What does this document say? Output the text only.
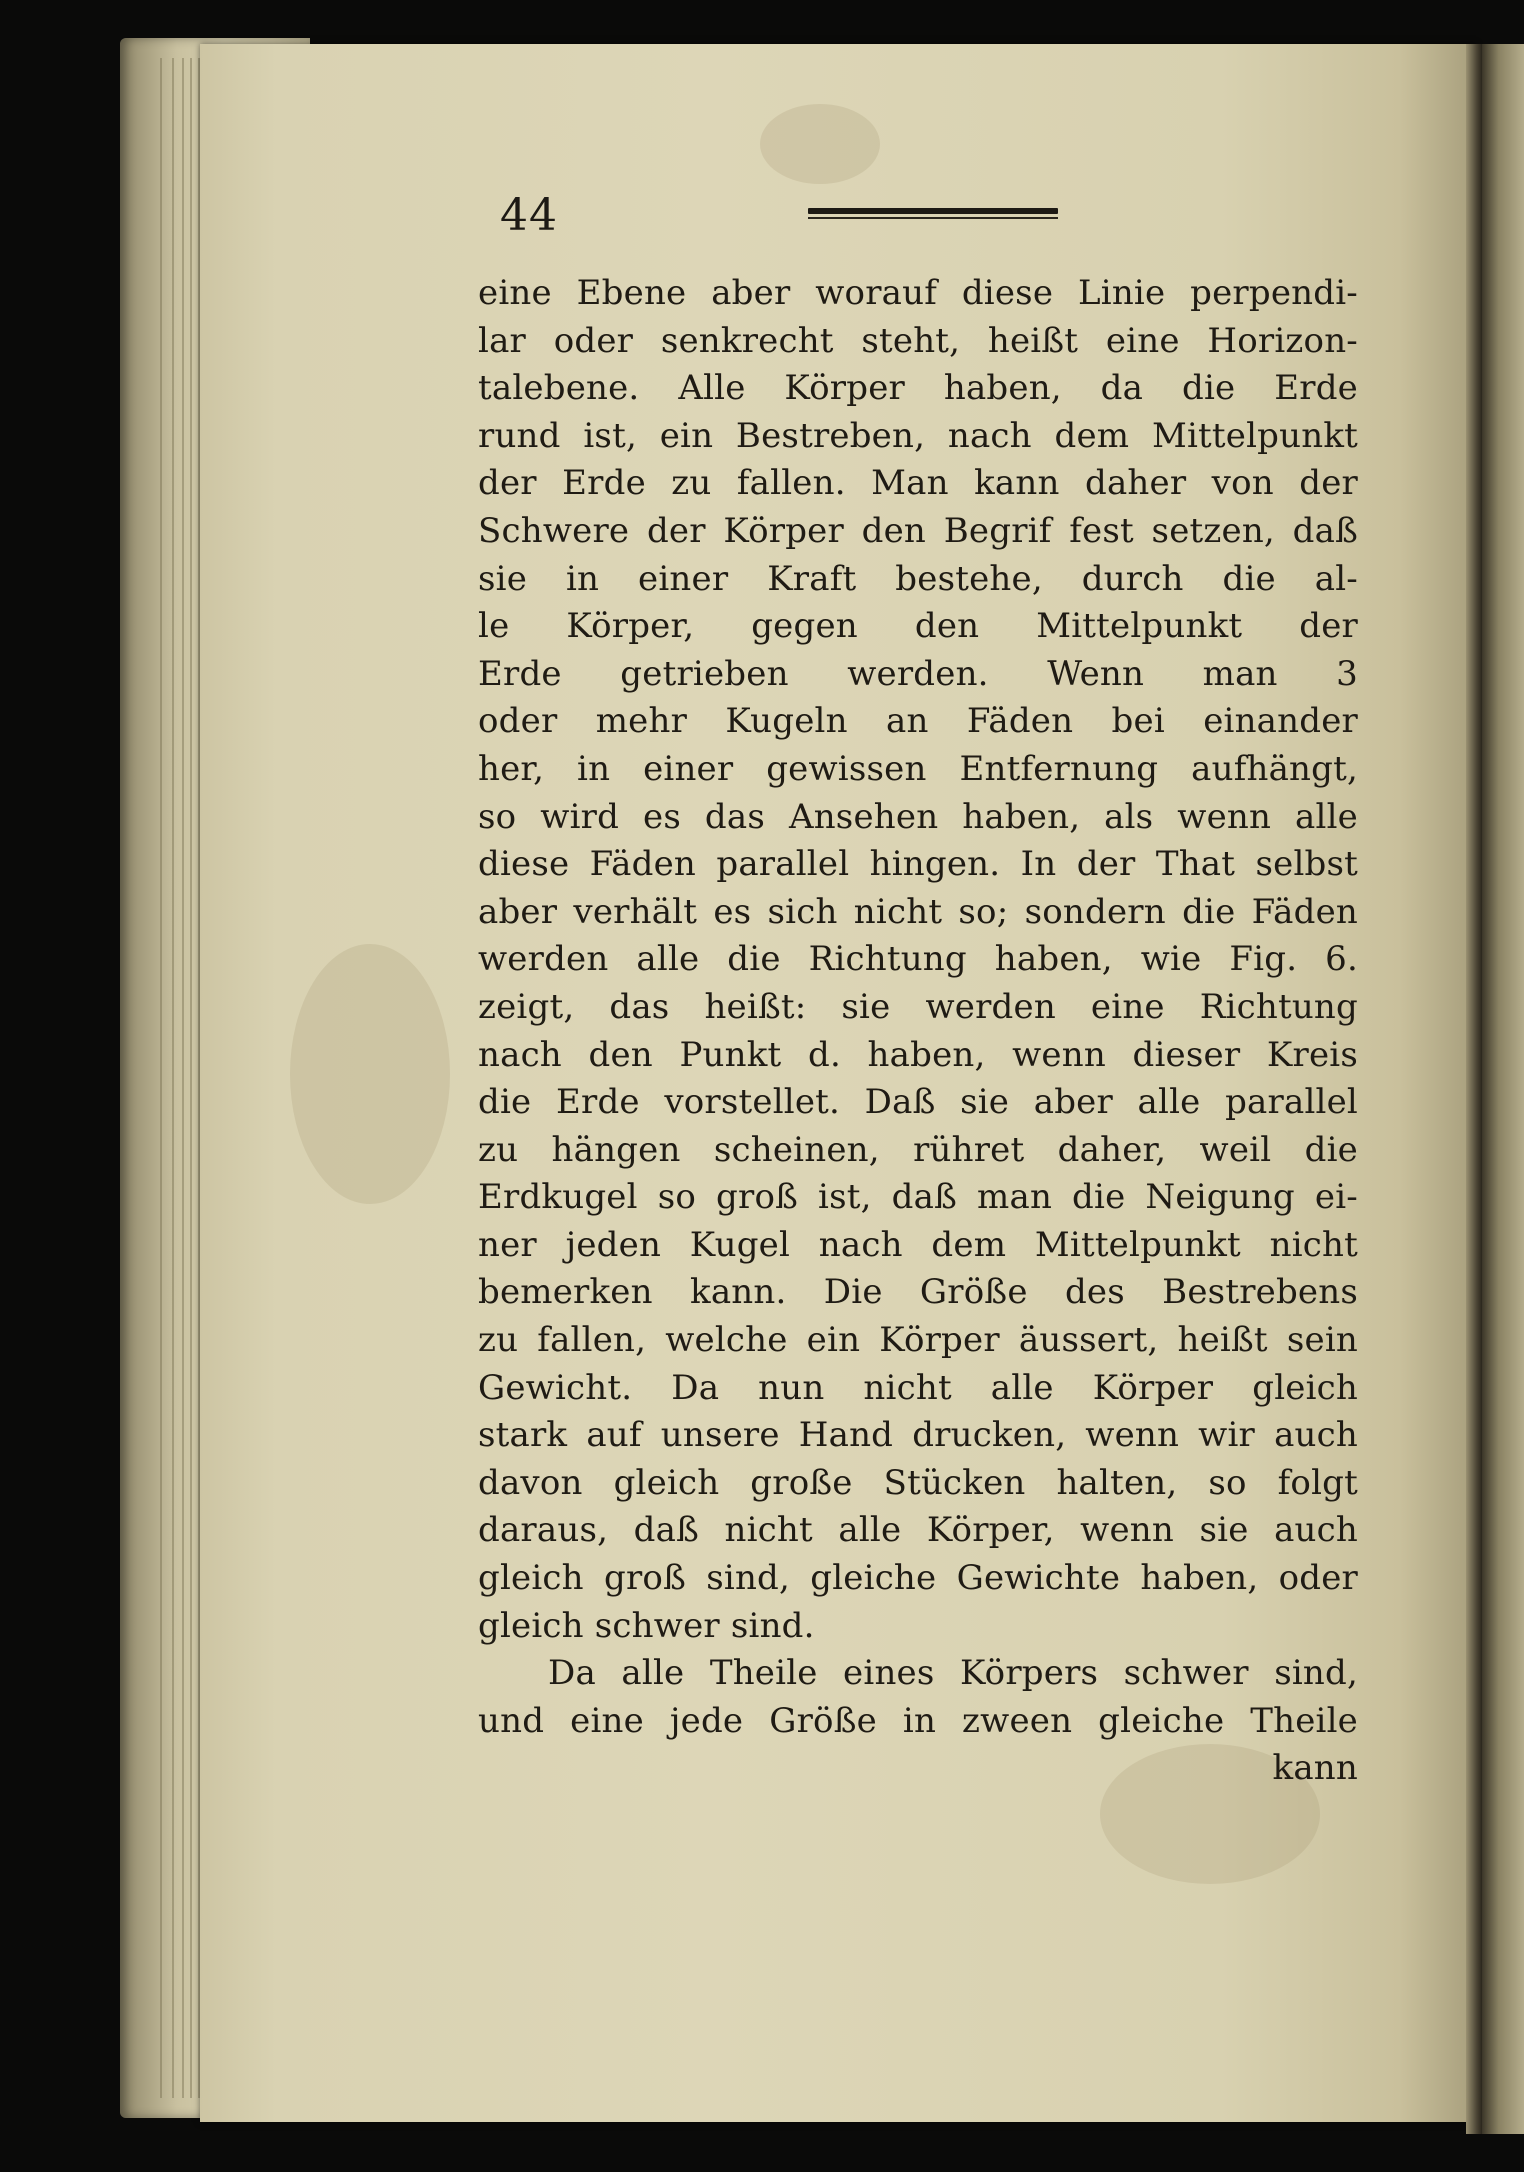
44
eine Ebene aber worauf diese Linie perpendi-
lar oder senkrecht steht, heißt eine Horizon-
talebene. Alle Körper haben, da die Erde
rund ist, ein Bestreben, nach dem Mittelpunkt
der Erde zu fallen. Man kann daher von der
Schwere der Körper den Begrif fest setzen, daß
sie in einer Kraft bestehe, durch die al-
le Körper, gegen den Mittelpunkt der
Erde getrieben werden. Wenn man 3
oder mehr Kugeln an Fäden bei einander
her, in einer gewissen Entfernung aufhängt,
so wird es das Ansehen haben, als wenn alle
diese Fäden parallel hingen. In der That selbst
aber verhält es sich nicht so; sondern die Fäden
werden alle die Richtung haben, wie Fig. 6.
zeigt, das heißt: sie werden eine Richtung
nach den Punkt d. haben, wenn dieser Kreis
die Erde vorstellet. Daß sie aber alle parallel
zu hängen scheinen, rühret daher, weil die
Erdkugel so groß ist, daß man die Neigung ei-
ner jeden Kugel nach dem Mittelpunkt nicht
bemerken kann. Die Größe des Bestrebens
zu fallen, welche ein Körper äussert, heißt sein
Gewicht. Da nun nicht alle Körper gleich
stark auf unsere Hand drucken, wenn wir auch
davon gleich große Stücken halten, so folgt
daraus, daß nicht alle Körper, wenn sie auch
gleich groß sind, gleiche Gewichte haben, oder
gleich schwer sind.
Da alle Theile eines Körpers schwer sind,
und eine jede Größe in zween gleiche Theile
kann
